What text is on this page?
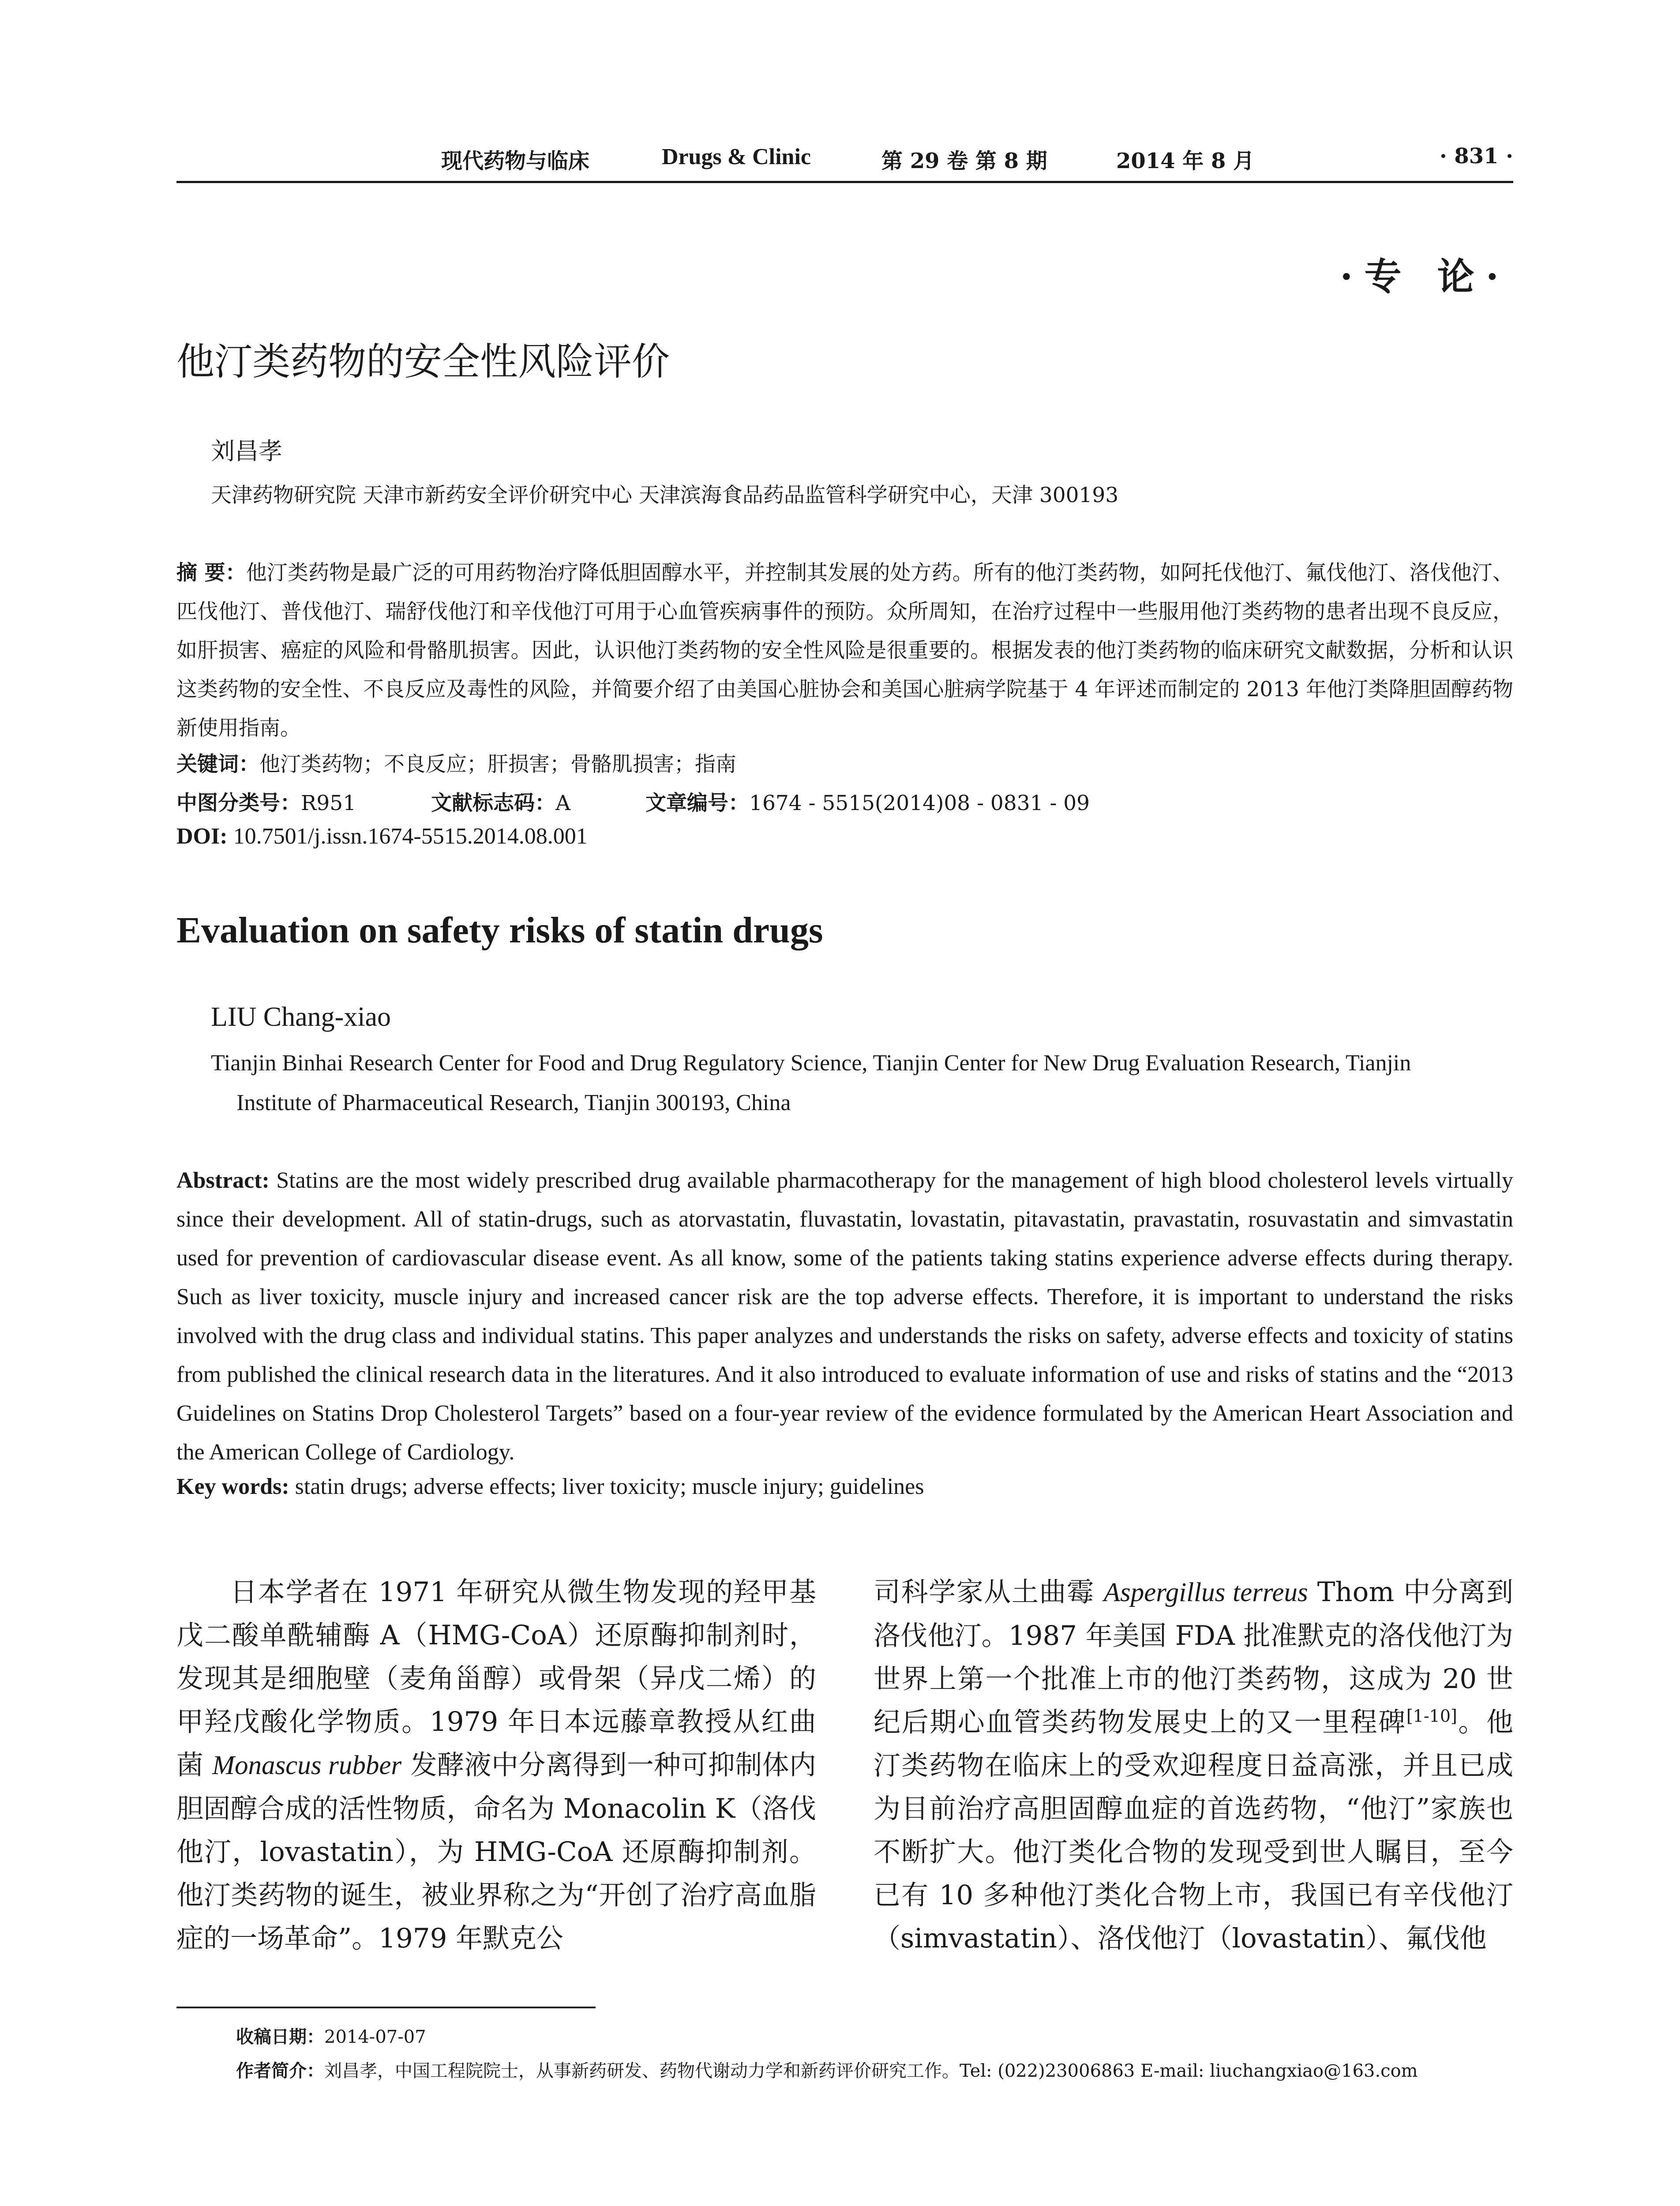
现代药物与临床	Drugs & Clinic	第 29 卷 第 8 期	2014 年 8 月	· 831 ·
·专 论·
他汀类药物的安全性风险评价
刘昌孝
天津药物研究院 天津市新药安全评价研究中心 天津滨海食品药品监管科学研究中心，天津 300193
摘 要：他汀类药物是最广泛的可用药物治疗降低胆固醇水平，并控制其发展的处方药。所有的他汀类药物，如阿托伐他汀、氟伐他汀、洛伐他汀、匹伐他汀、普伐他汀、瑞舒伐他汀和辛伐他汀可用于心血管疾病事件的预防。众所周知，在治疗过程中一些服用他汀类药物的患者出现不良反应，如肝损害、癌症的风险和骨骼肌损害。因此，认识他汀类药物的安全性风险是很重要的。根据发表的他汀类药物的临床研究文献数据，分析和认识这类药物的安全性、不良反应及毒性的风险，并简要介绍了由美国心脏协会和美国心脏病学院基于 4 年评述而制定的 2013 年他汀类降胆固醇药物新使用指南。
关键词：他汀类药物；不良反应；肝损害；骨骼肌损害；指南
中图分类号：R951	文献标志码：A	文章编号：1674 - 5515(2014)08 - 0831 - 09
DOI: 10.7501/j.issn.1674-5515.2014.08.001
Evaluation on safety risks of statin drugs
LIU Chang-xiao
Tianjin Binhai Research Center for Food and Drug Regulatory Science, Tianjin Center for New Drug Evaluation Research, Tianjin
Institute of Pharmaceutical Research, Tianjin 300193, China
Abstract: Statins are the most widely prescribed drug available pharmacotherapy for the management of high blood cholesterol levels virtually since their development. All of statin-drugs, such as atorvastatin, fluvastatin, lovastatin, pitavastatin, pravastatin, rosuvastatin and simvastatin used for prevention of cardiovascular disease event. As all know, some of the patients taking statins experience adverse effects during therapy. Such as liver toxicity, muscle injury and increased cancer risk are the top adverse effects. Therefore, it is important to understand the risks involved with the drug class and individual statins. This paper analyzes and understands the risks on safety, adverse effects and toxicity of statins from published the clinical research data in the literatures. And it also introduced to evaluate information of use and risks of statins and the “2013 Guidelines on Statins Drop Cholesterol Targets” based on a four-year review of the evidence formulated by the American Heart Association and the American College of Cardiology.
Key words: statin drugs; adverse effects; liver toxicity; muscle injury; guidelines
日本学者在 1971 年研究从微生物发现的羟甲基戊二酸单酰辅酶 A（HMG-CoA）还原酶抑制剂时，发现其是细胞壁（麦角甾醇）或骨架（异戊二烯）的甲羟戊酸化学物质。1979 年日本远藤章教授从红曲菌 Monascus rubber 发酵液中分离得到一种可抑制体内胆固醇合成的活性物质，命名为 Monacolin K（洛伐他汀，lovastatin），为 HMG-CoA 还原酶抑制剂。他汀类药物的诞生，被业界称之为“开创了治疗高血脂症的一场革命”。1979 年默克公
司科学家从土曲霉 Aspergillus terreus Thom 中分离到洛伐他汀。1987 年美国 FDA 批准默克的洛伐他汀为世界上第一个批准上市的他汀类药物，这成为 20 世纪后期心血管类药物发展史上的又一里程碑[1-10]。他汀类药物在临床上的受欢迎程度日益高涨，并且已成为目前治疗高胆固醇血症的首选药物，“他汀”家族也不断扩大。他汀类化合物的发现受到世人瞩目，至今已有 10 多种他汀类化合物上市，我国已有辛伐他汀（simvastatin）、洛伐他汀（lovastatin）、氟伐他
收稿日期：2014-07-07
作者简介：刘昌孝，中国工程院院士，从事新药研发、药物代谢动力学和新药评价研究工作。Tel: (022)23006863 E-mail: liuchangxiao@163.com
